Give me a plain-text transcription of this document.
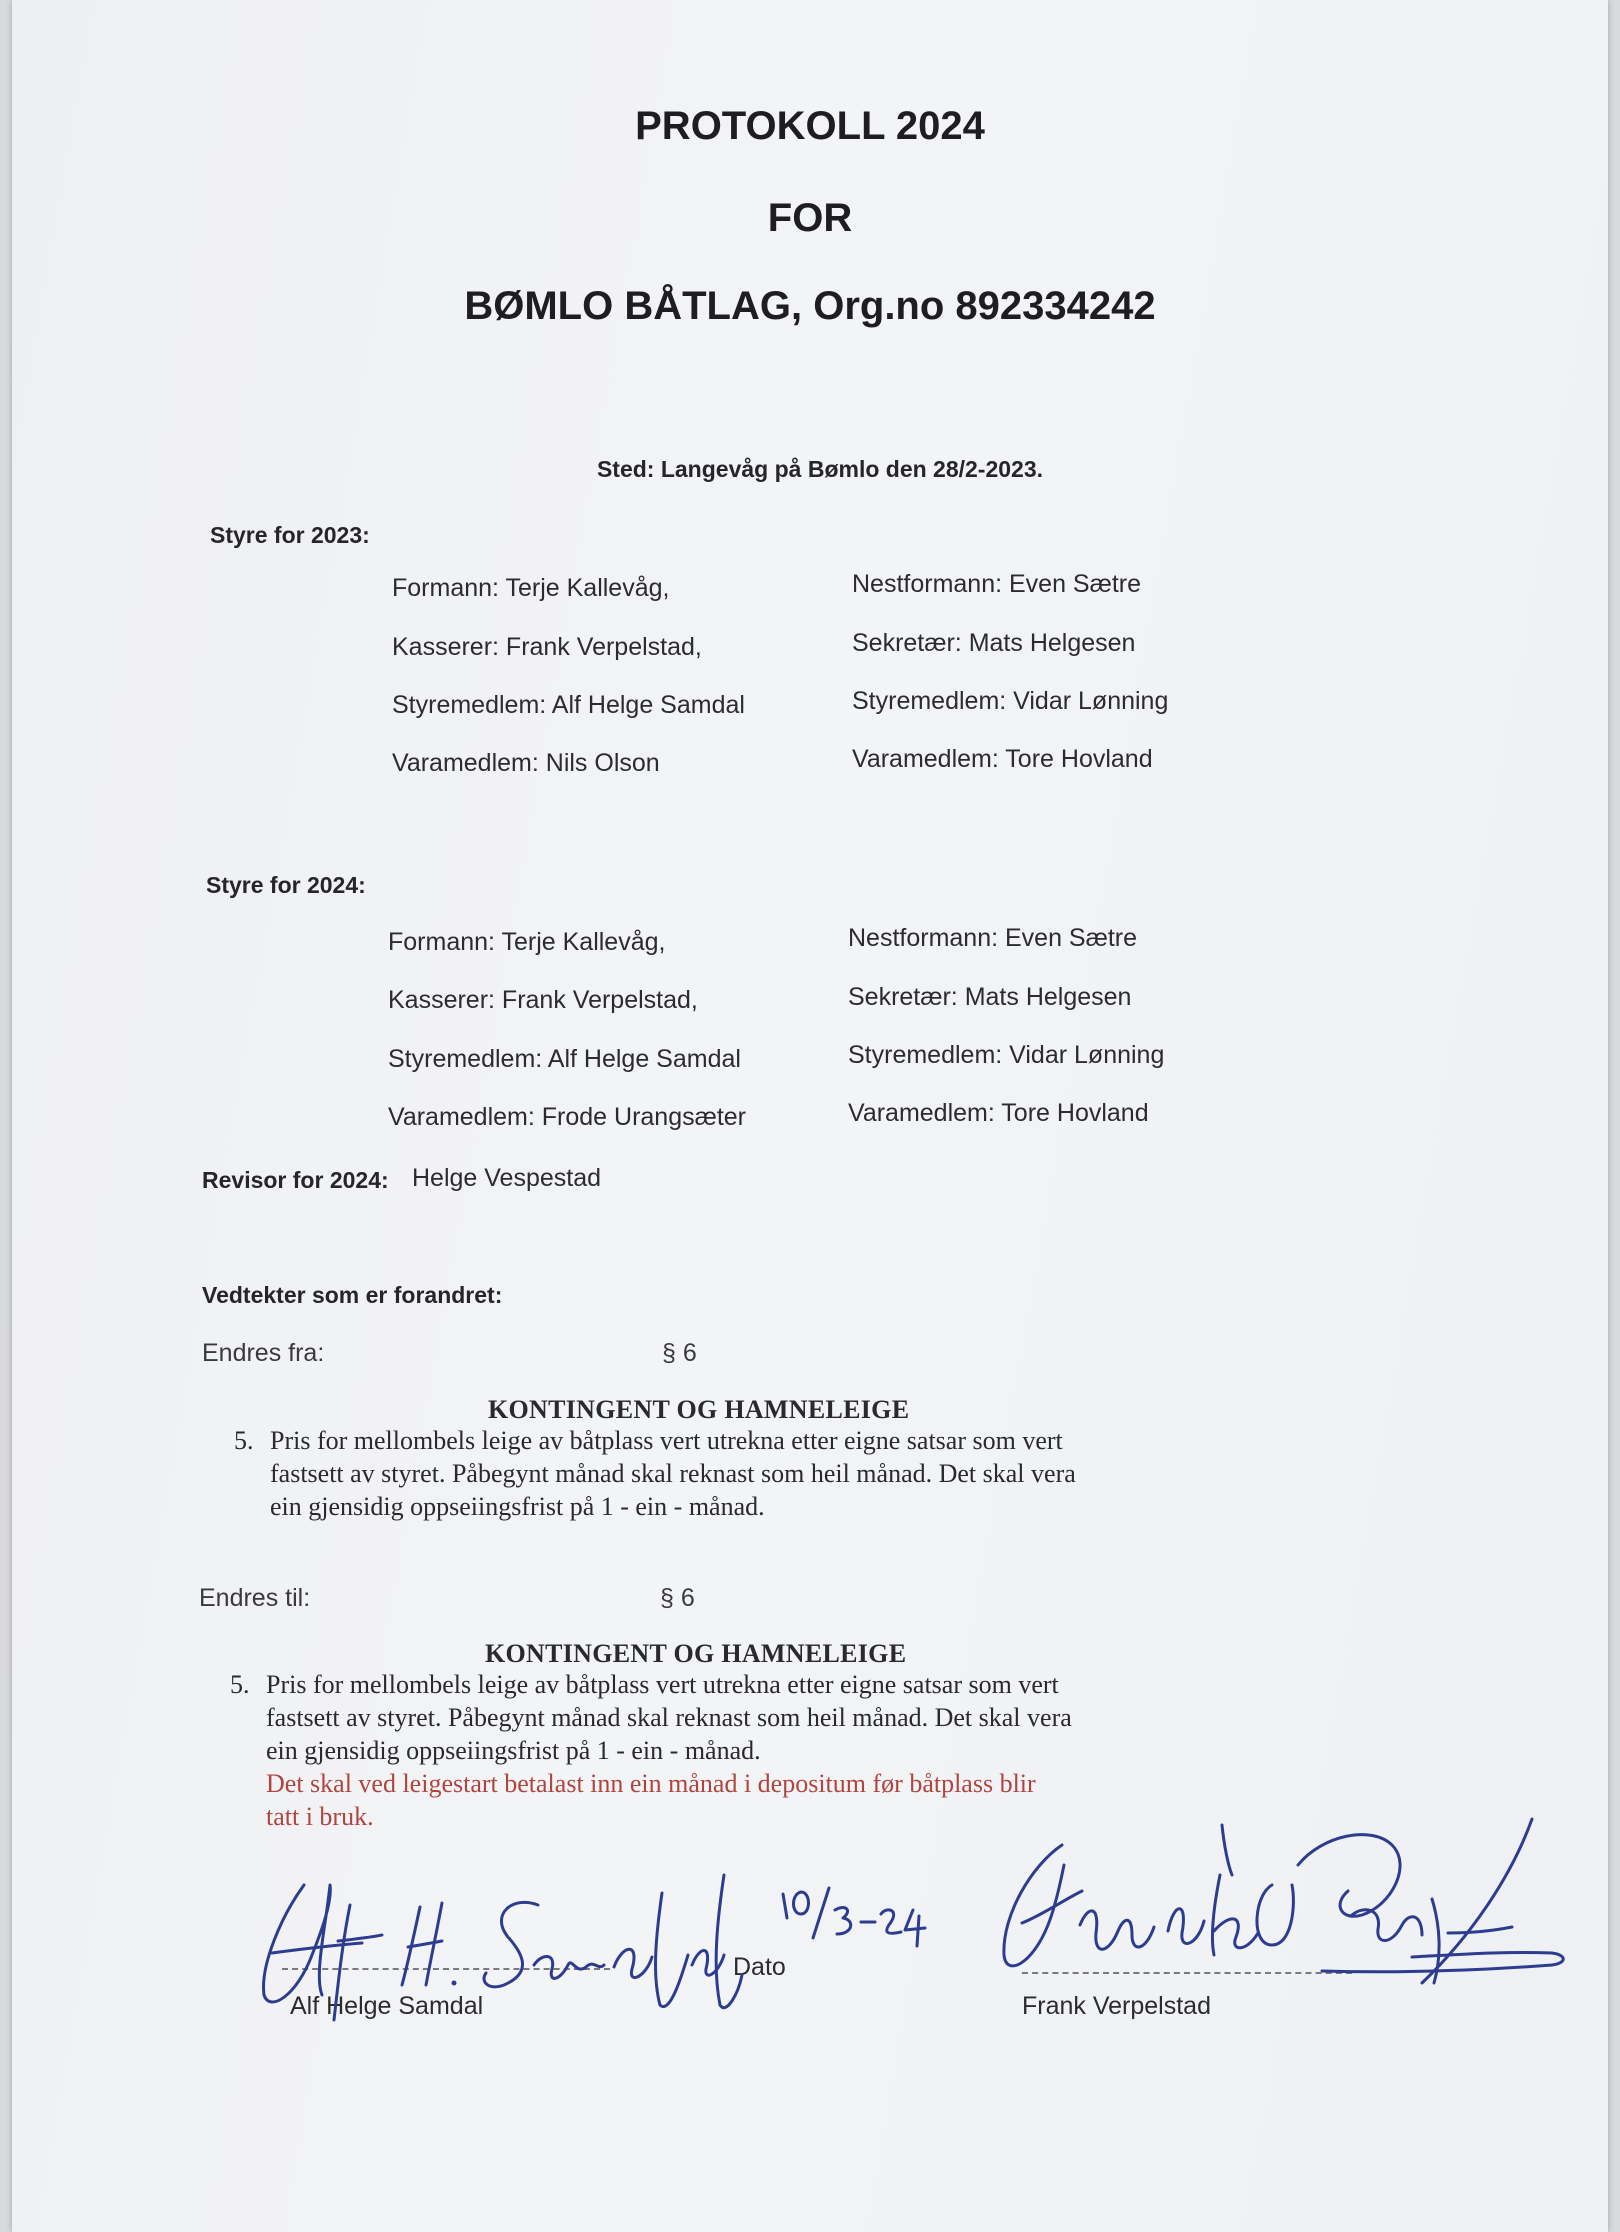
PROTOKOLL 2024
FOR
BØMLO BÅTLAG, Org.no 892334242
Sted: Langevåg på Bømlo den 28/2-2023.
Styre for 2023:
Formann: Terje Kallevåg,
Kasserer: Frank Verpelstad,
Styremedlem: Alf Helge Samdal
Varamedlem: Nils Olson
Nestformann: Even Sætre
Sekretær: Mats Helgesen
Styremedlem: Vidar Lønning
Varamedlem: Tore Hovland
Styre for 2024:
Formann: Terje Kallevåg,
Kasserer: Frank Verpelstad,
Styremedlem: Alf Helge Samdal
Varamedlem: Frode Urangsæter
Nestformann: Even Sætre
Sekretær: Mats Helgesen
Styremedlem: Vidar Lønning
Varamedlem: Tore Hovland
Revisor for 2024: Helge Vespestad
Vedtekter som er forandret:
Endres fra:	§ 6
KONTINGENT OG HAMNELEIGE
5. Pris for mellombels leige av båtplass vert utrekna etter eigne satsar som vert
fastsett av styret. Påbegynt månad skal reknast som heil månad. Det skal vera
ein gjensidig oppseiingsfrist på 1 - ein - månad.
Endres til:	§ 6
KONTINGENT OG HAMNELEIGE
5. Pris for mellombels leige av båtplass vert utrekna etter eigne satsar som vert
fastsett av styret. Påbegynt månad skal reknast som heil månad. Det skal vera
ein gjensidig oppseiingsfrist på 1 - ein - månad.
Det skal ved leigestart betalast inn ein månad i depositum før båtplass blir
tatt i bruk.
Alf Helge Samdal
Dato
Frank Verpelstad
